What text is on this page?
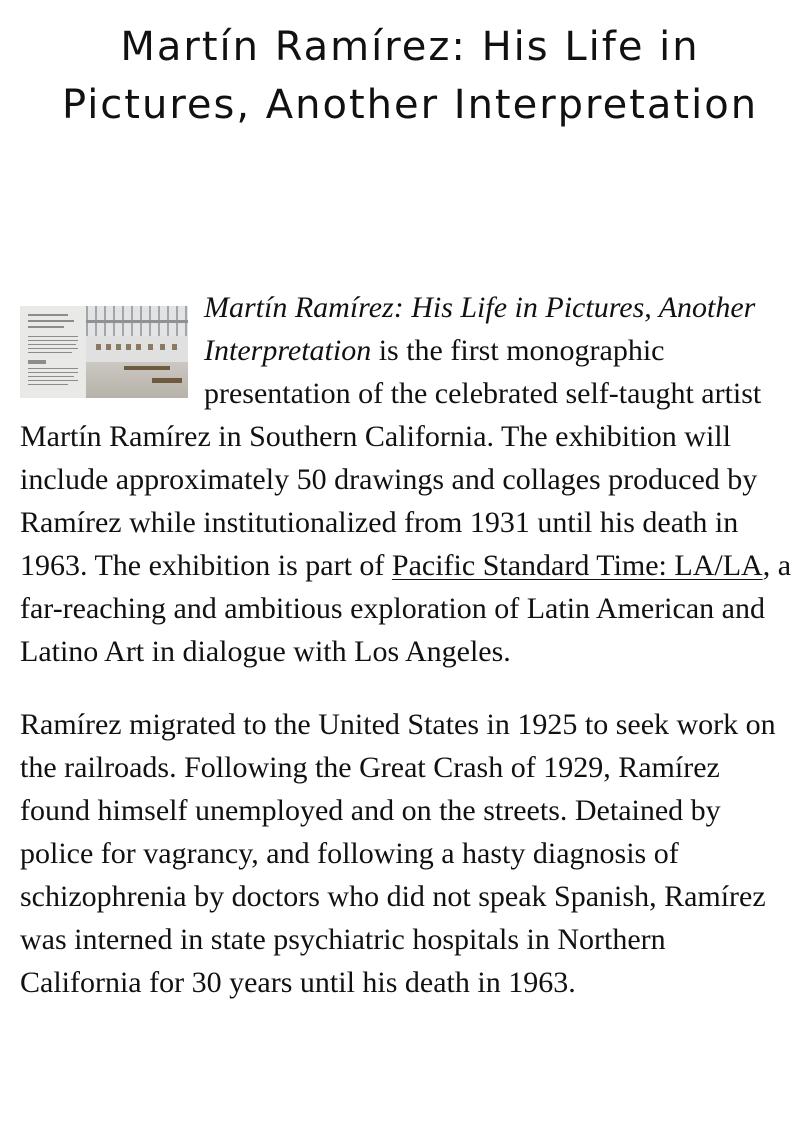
Martín Ramírez: His Life in Pictures, Another Interpretation

Martín Ramírez: His Life in Pictures, Another Interpretation is the first monographic presentation of the celebrated self-taught artist Martín Ramírez in Southern California. The exhibition will include approximately 50 drawings and collages produced by Ramírez while institutionalized from 1931 until his death in 1963. The exhibition is part of Pacific Standard Time: LA/LA, a far-reaching and ambitious exploration of Latin American and Latino Art in dialogue with Los Angeles.

Ramírez migrated to the United States in 1925 to seek work on the railroads. Following the Great Crash of 1929, Ramírez found himself unemployed and on the streets. Detained by police for vagrancy, and following a hasty diagnosis of schizophrenia by doctors who did not speak Spanish, Ramírez was interned in state psychiatric hospitals in Northern California for 30 years until his death in 1963.
